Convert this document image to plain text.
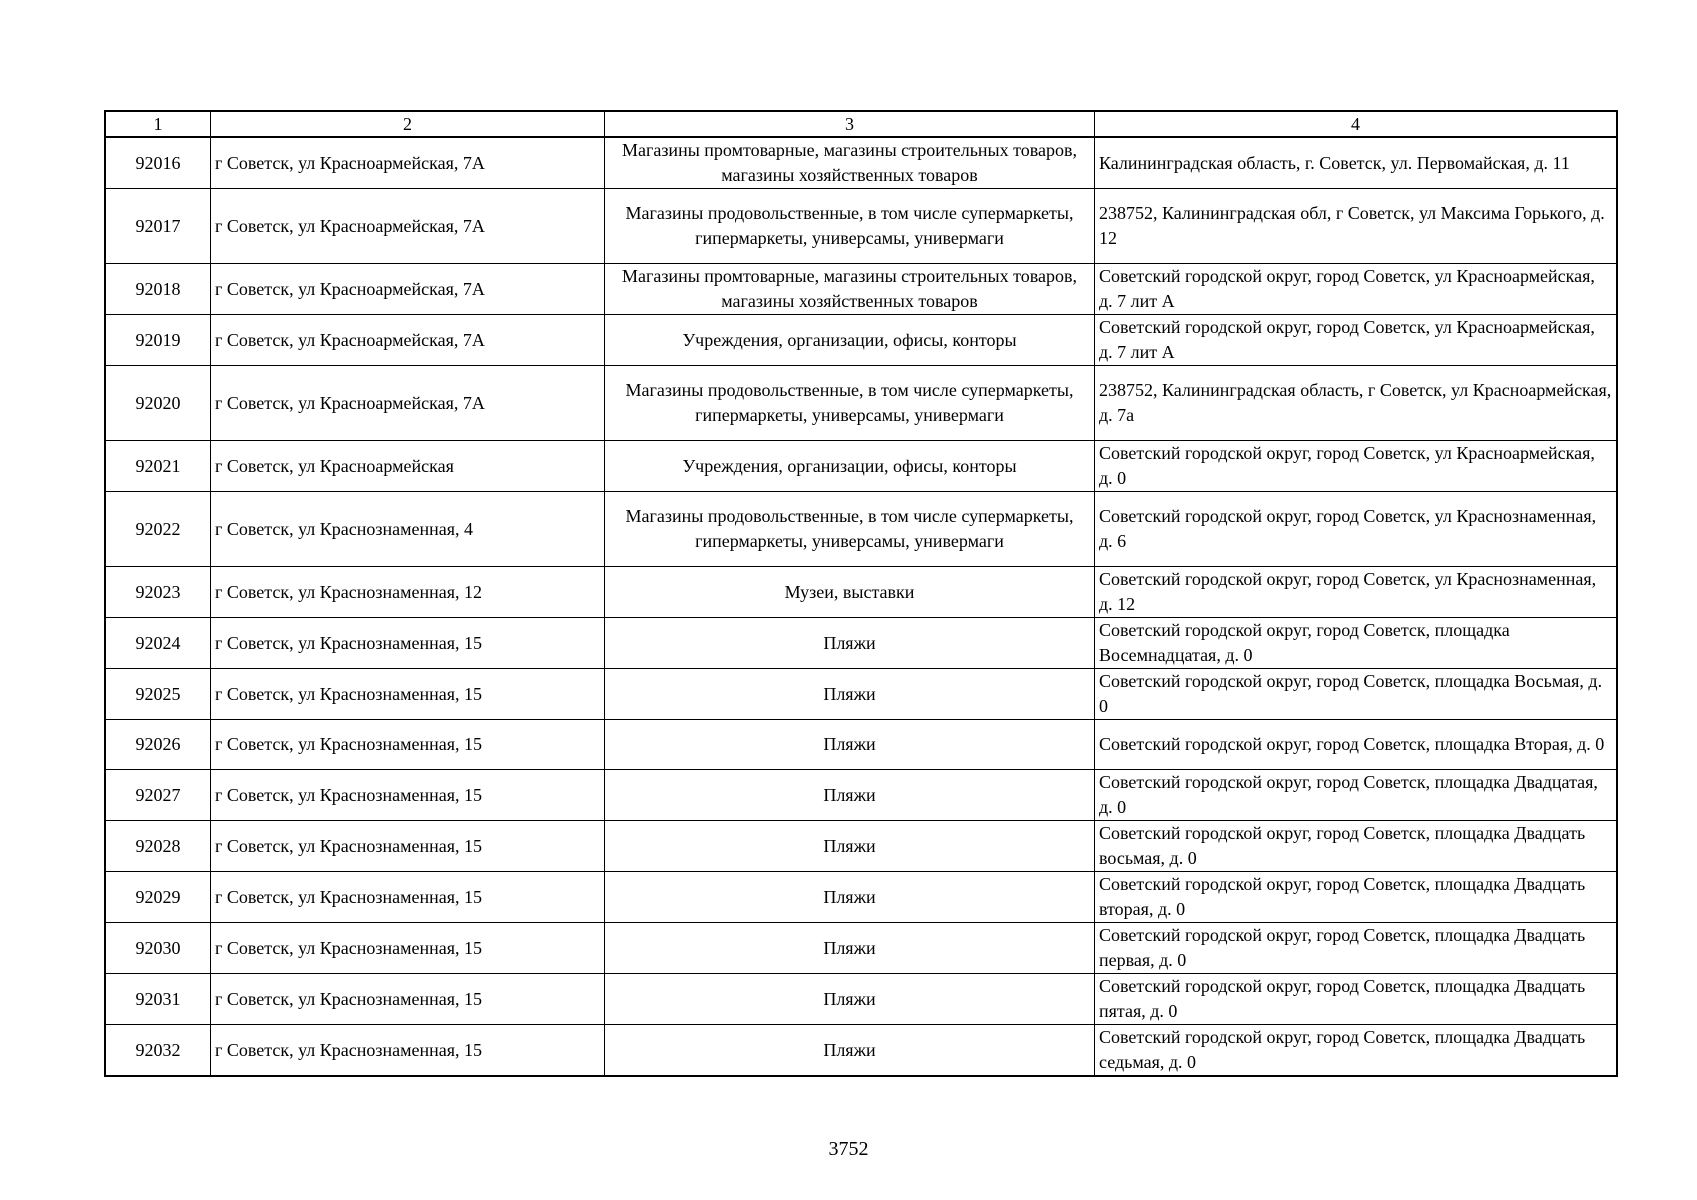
1	2	3	4
92016	г Советск, ул Красноармейская, 7А	Магазины промтоварные, магазины строительных товаров, магазины хозяйственных товаров	Калининградская область, г. Советск, ул. Первомайская, д. 11
92017	г Советск, ул Красноармейская, 7А	Магазины продовольственные, в том числе супермаркеты, гипермаркеты, универсамы, универмаги	238752, Калининградская обл, г Советск, ул Максима Горького, д. 12
92018	г Советск, ул Красноармейская, 7А	Магазины промтоварные, магазины строительных товаров, магазины хозяйственных товаров	Советский городской округ, город Советск, ул Красноармейская, д. 7 лит А
92019	г Советск, ул Красноармейская, 7А	Учреждения, организации, офисы, конторы	Советский городской округ, город Советск, ул Красноармейская, д. 7 лит А
92020	г Советск, ул Красноармейская, 7А	Магазины продовольственные, в том числе супермаркеты, гипермаркеты, универсамы, универмаги	238752, Калининградская область, г Советск, ул Красноармейская, д. 7а
92021	г Советск, ул Красноармейская	Учреждения, организации, офисы, конторы	Советский городской округ, город Советск, ул Красноармейская, д. 0
92022	г Советск, ул Краснознаменная, 4	Магазины продовольственные, в том числе супермаркеты, гипермаркеты, универсамы, универмаги	Советский городской округ, город Советск, ул Краснознаменная, д. 6
92023	г Советск, ул Краснознаменная, 12	Музеи, выставки	Советский городской округ, город Советск, ул Краснознаменная, д. 12
92024	г Советск, ул Краснознаменная, 15	Пляжи	Советский городской округ, город Советск, площадка Восемнадцатая, д. 0
92025	г Советск, ул Краснознаменная, 15	Пляжи	Советский городской округ, город Советск, площадка Восьмая, д. 0
92026	г Советск, ул Краснознаменная, 15	Пляжи	Советский городской округ, город Советск, площадка Вторая, д. 0
92027	г Советск, ул Краснознаменная, 15	Пляжи	Советский городской округ, город Советск, площадка Двадцатая, д. 0
92028	г Советск, ул Краснознаменная, 15	Пляжи	Советский городской округ, город Советск, площадка Двадцать восьмая, д. 0
92029	г Советск, ул Краснознаменная, 15	Пляжи	Советский городской округ, город Советск, площадка Двадцать вторая, д. 0
92030	г Советск, ул Краснознаменная, 15	Пляжи	Советский городской округ, город Советск, площадка Двадцать первая, д. 0
92031	г Советск, ул Краснознаменная, 15	Пляжи	Советский городской округ, город Советск, площадка Двадцать пятая, д. 0
92032	г Советск, ул Краснознаменная, 15	Пляжи	Советский городской округ, город Советск, площадка Двадцать седьмая, д. 0
3752
